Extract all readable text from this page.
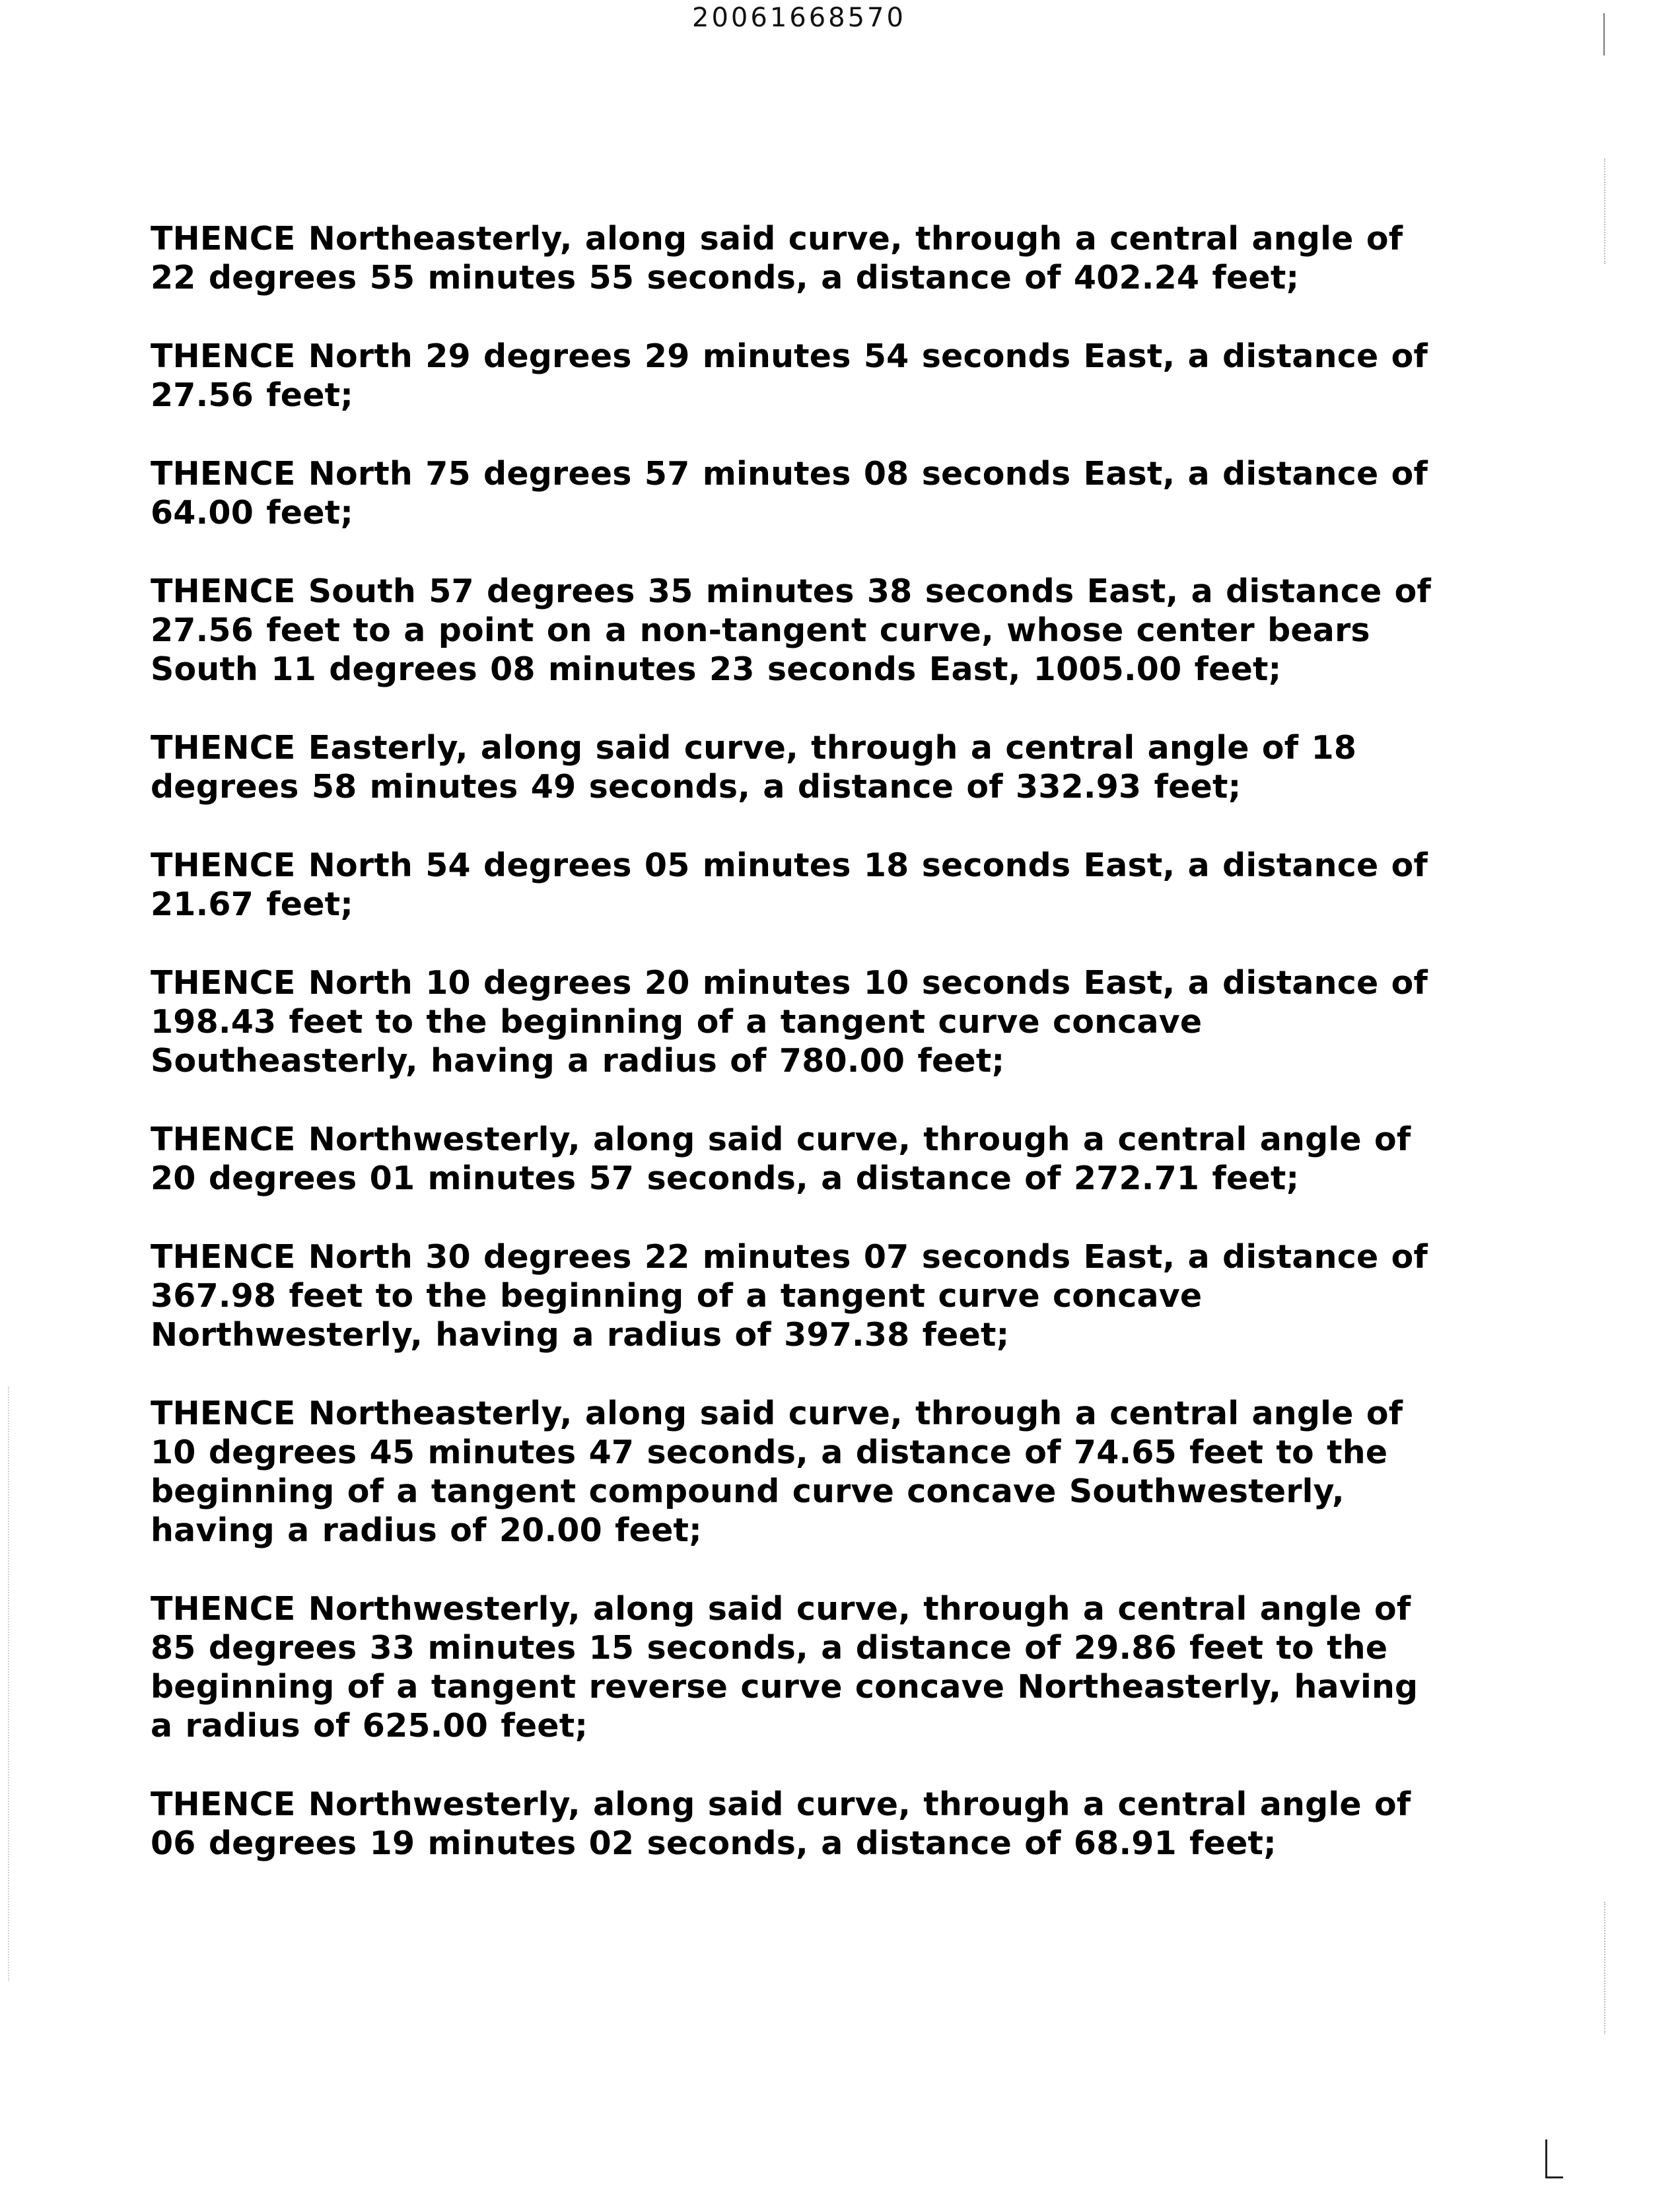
20061668570

THENCE Northeasterly, along said curve, through a central angle of 22 degrees 55 minutes 55 seconds, a distance of 402.24 feet;

THENCE North 29 degrees 29 minutes 54 seconds East, a distance of 27.56 feet;

THENCE North 75 degrees 57 minutes 08 seconds East, a distance of 64.00 feet;

THENCE South 57 degrees 35 minutes 38 seconds East, a distance of 27.56 feet to a point on a non-tangent curve, whose center bears South 11 degrees 08 minutes 23 seconds East, 1005.00 feet;

THENCE Easterly, along said curve, through a central angle of 18 degrees 58 minutes 49 seconds, a distance of 332.93 feet;

THENCE North 54 degrees 05 minutes 18 seconds East, a distance of 21.67 feet;

THENCE North 10 degrees 20 minutes 10 seconds East, a distance of 198.43 feet to the beginning of a tangent curve concave Southeasterly, having a radius of 780.00 feet;

THENCE Northwesterly, along said curve, through a central angle of 20 degrees 01 minutes 57 seconds, a distance of 272.71 feet;

THENCE North 30 degrees 22 minutes 07 seconds East, a distance of 367.98 feet to the beginning of a tangent curve concave Northwesterly, having a radius of 397.38 feet;

THENCE Northeasterly, along said curve, through a central angle of 10 degrees 45 minutes 47 seconds, a distance of 74.65 feet to the beginning of a tangent compound curve concave Southwesterly, having a radius of 20.00 feet;

THENCE Northwesterly, along said curve, through a central angle of 85 degrees 33 minutes 15 seconds, a distance of 29.86 feet to the beginning of a tangent reverse curve concave Northeasterly, having a radius of 625.00 feet;

THENCE Northwesterly, along said curve, through a central angle of 06 degrees 19 minutes 02 seconds, a distance of 68.91 feet;
